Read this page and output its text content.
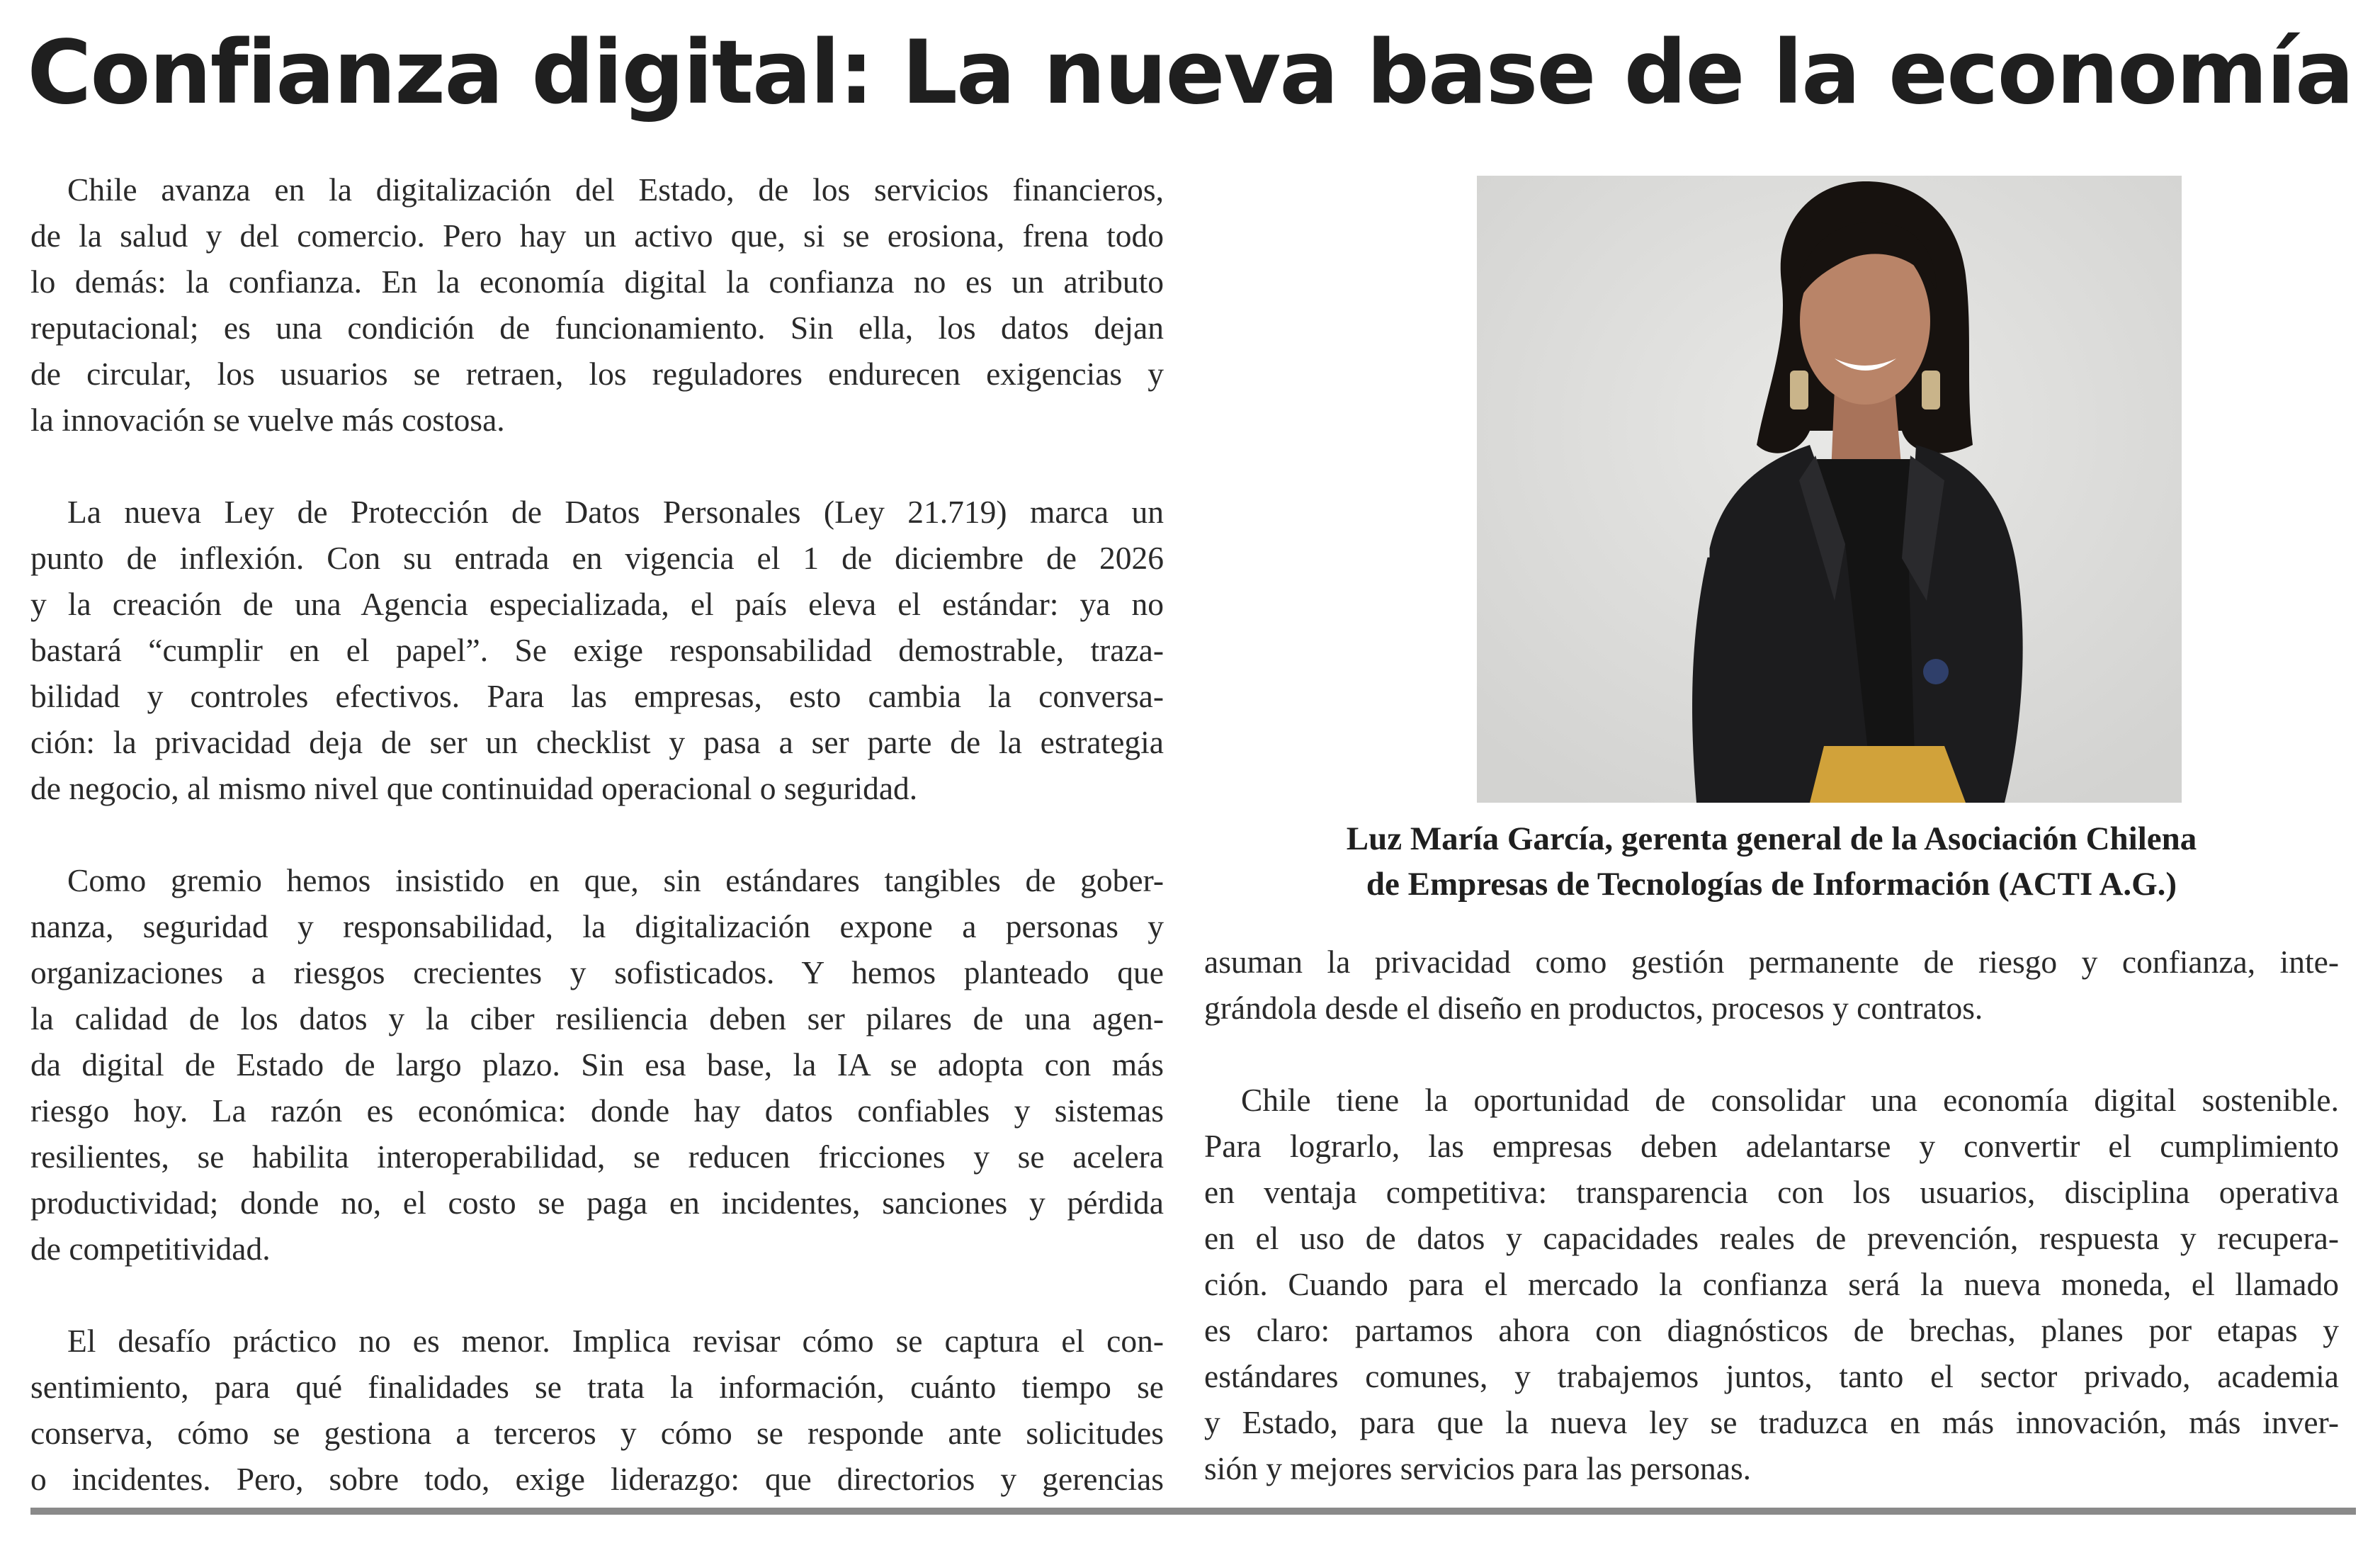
Confianza digital: La nueva base de la economía
Chile avanza en la digitalización del Estado, de los servicios financieros,
de la salud y del comercio. Pero hay un activo que, si se erosiona, frena todo
lo demás: la confianza. En la economía digital la confianza no es un atributo
reputacional; es una condición de funcionamiento. Sin ella, los datos dejan
de circular, los usuarios se retraen, los reguladores endurecen exigencias y
la innovación se vuelve más costosa.
La nueva Ley de Protección de Datos Personales (Ley 21.719) marca un
punto de inflexión. Con su entrada en vigencia el 1 de diciembre de 2026
y la creación de una Agencia especializada, el país eleva el estándar: ya no
bastará “cumplir en el papel”. Se exige responsabilidad demostrable, traza-
bilidad y controles efectivos. Para las empresas, esto cambia la conversa-
ción: la privacidad deja de ser un checklist y pasa a ser parte de la estrategia
de negocio, al mismo nivel que continuidad operacional o seguridad.
Como gremio hemos insistido en que, sin estándares tangibles de gober-
nanza, seguridad y responsabilidad, la digitalización expone a personas y
organizaciones a riesgos crecientes y sofisticados. Y hemos planteado que
la calidad de los datos y la ciber resiliencia deben ser pilares de una agen-
da digital de Estado de largo plazo. Sin esa base, la IA se adopta con más
riesgo hoy. La razón es económica: donde hay datos confiables y sistemas
resilientes, se habilita interoperabilidad, se reducen fricciones y se acelera
productividad; donde no, el costo se paga en incidentes, sanciones y pérdida
de competitividad.
El desafío práctico no es menor. Implica revisar cómo se captura el con-
sentimiento, para qué finalidades se trata la información, cuánto tiempo se
conserva, cómo se gestiona a terceros y cómo se responde ante solicitudes
o incidentes. Pero, sobre todo, exige liderazgo: que directorios y gerencias
Luz María García, gerenta general de la Asociación Chilena
de Empresas de Tecnologías de Información (ACTI A.G.)
asuman la privacidad como gestión permanente de riesgo y confianza, inte-
grándola desde el diseño en productos, procesos y contratos.
Chile tiene la oportunidad de consolidar una economía digital sostenible.
Para lograrlo, las empresas deben adelantarse y convertir el cumplimiento
en ventaja competitiva: transparencia con los usuarios, disciplina operativa
en el uso de datos y capacidades reales de prevención, respuesta y recupera-
ción. Cuando para el mercado la confianza será la nueva moneda, el llamado
es claro: partamos ahora con diagnósticos de brechas, planes por etapas y
estándares comunes, y trabajemos juntos, tanto el sector privado, academia
y Estado, para que la nueva ley se traduzca en más innovación, más inver-
sión y mejores servicios para las personas.
